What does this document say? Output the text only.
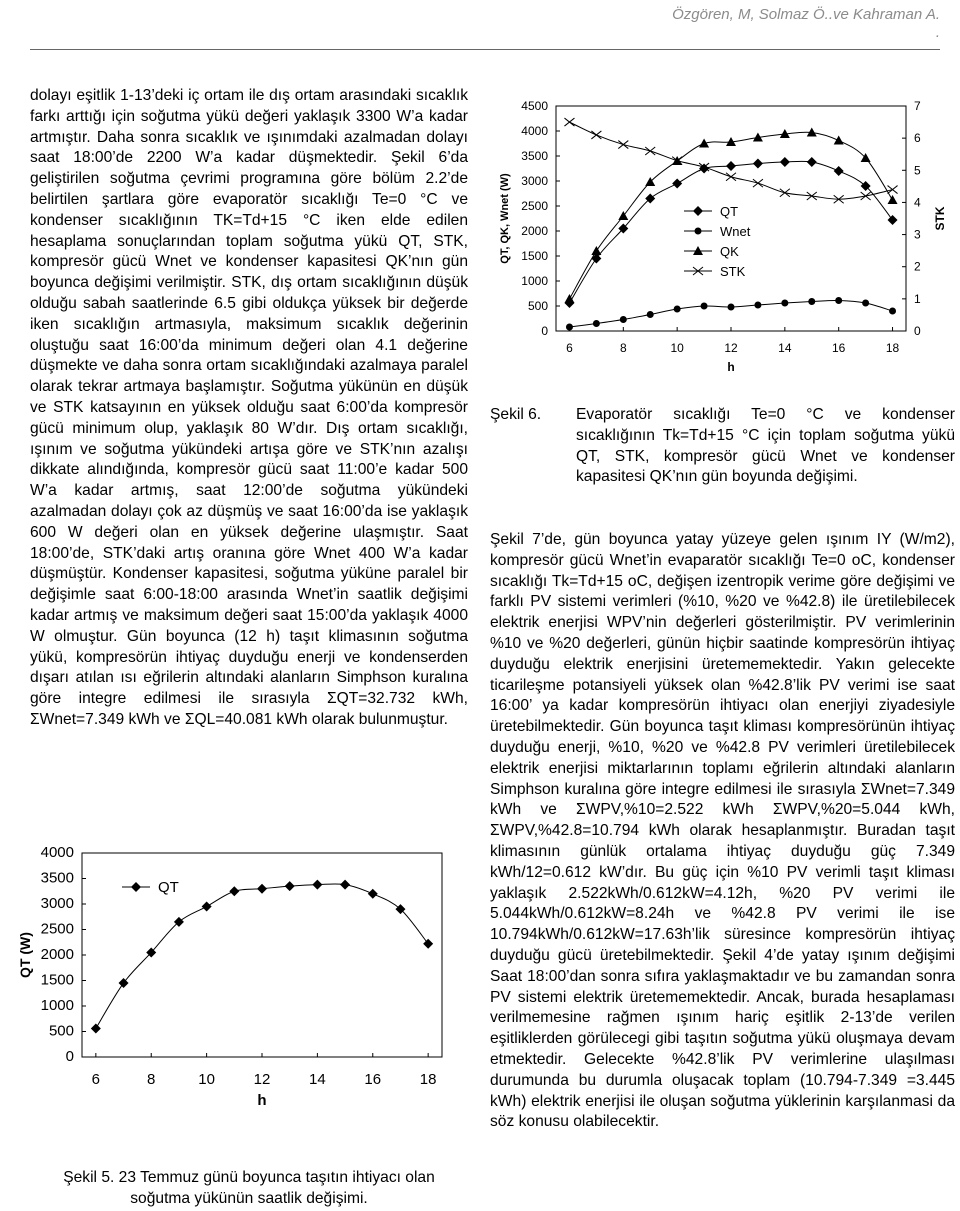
Özgören, M, Solmaz Ö..ve Kahraman A.
.

dolayı eşitlik 1-13’deki iç ortam ile dış ortam arasındaki sıcaklık farkı arttığı için soğutma yükü değeri yaklaşık 3300 W’a kadar artmıştır. Daha sonra sıcaklık ve ışınımdaki azalmadan dolayı saat 18:00’de 2200 W’a kadar düşmektedir. Şekil 6’da geliştirilen soğutma çevrimi programına göre bölüm 2.2’de belirtilen şartlara göre evaporatör sıcaklığı Te=0 °C ve kondenser sıcaklığının TK=Td+15 °C iken elde edilen hesaplama sonuçlarından toplam soğutma yükü QT, STK, kompresör gücü Wnet ve kondenser kapasitesi QK’nın gün boyunca değişimi verilmiştir. STK, dış ortam sıcaklığının düşük olduğu sabah saatlerinde 6.5 gibi oldukça yüksek bir değerde iken sıcaklığın artmasıyla, maksimum sıcaklık değerinin oluştuğu saat 16:00’da minimum değeri olan 4.1 değerine düşmekte ve daha sonra ortam sıcaklığındaki azalmaya paralel olarak tekrar artmaya başlamıştır. Soğutma yükünün en düşük ve STK katsayının en yüksek olduğu saat 6:00’da kompresör gücü minimum olup, yaklaşık 80 W’dır. Dış ortam sıcaklığı, ışınım ve soğutma yükündeki artışa göre ve STK’nın azalışı dikkate alındığında, kompresör gücü saat 11:00’e kadar 500 W’a kadar artmış, saat 12:00’de soğutma yükündeki azalmadan dolayı çok az düşmüş ve saat 16:00’da ise yaklaşık 600 W değeri olan en yüksek değerine ulaşmıştır. Saat 18:00’de, STK’daki artış oranına göre Wnet 400 W’a kadar düşmüştür. Kondenser kapasitesi, soğutma yüküne paralel bir değişimle saat 6:00-18:00 arasında Wnet’in saatlik değişimi kadar artmış ve maksimum değeri saat 15:00’da yaklaşık 4000 W olmuştur. Gün boyunca (12 h) taşıt klimasının soğutma yükü, kompresörün ihtiyaç duyduğu enerji ve kondenserden dışarı atılan ısı eğrilerin altındaki alanların Simphson kuralına göre integre edilmesi ile sırasıyla ΣQT=32.732 kWh, ΣWnet=7.349 kWh ve ΣQL=40.081 kWh olarak bulunmuştur.

0
500
1000
1500
2000
2500
3000
3500
4000
4500
0
1
2
3
4
5
6
7
6	8	10	12	14	16	18
h
QT, QK, Wnet (W)	STK
QT
Wnet
QK
STK
Şekil 6. Evaporatör sıcaklığı Te=0 °C ve kondenser sıcaklığının Tk=Td+15 °C için toplam soğutma yükü QT, STK, kompresör gücü Wnet ve kondenser kapasitesi QK’nın gün boyunda değişimi.

Şekil 7’de, gün boyunca yatay yüzeye gelen ışınım IY (W/m2), kompresör gücü Wnet’in evaparatör sıcaklığı Te=0 oC, kondenser sıcaklığı Tk=Td+15 oC, değişen izentropik verime göre değişimi ve farklı PV sistemi verimleri (%10, %20 ve %42.8) ile üretilebilecek elektrik enerjisi WPV’nin değerleri gösterilmiştir. PV verimlerinin %10 ve %20 değerleri, günün hiçbir saatinde kompresörün ihtiyaç duyduğu elektrik enerjisini üretememektedir. Yakın gelecekte ticarileşme potansiyeli yüksek olan %42.8’lik PV verimi ise saat 16:00’ ya kadar kompresörün ihtiyacı olan enerjiyi ziyadesiyle üretebilmektedir. Gün boyunca taşıt kliması kompresörünün ihtiyaç duyduğu enerji, %10, %20 ve %42.8 PV verimleri üretilebilecek elektrik enerjisi miktarlarının toplamı eğrilerin altındaki alanların Simphson kuralına göre integre edilmesi ile sırasıyla ΣWnet=7.349 kWh ve ΣWPV,%10=2.522 kWh ΣWPV,%20=5.044 kWh, ΣWPV,%42.8=10.794 kWh olarak hesaplanmıştır. Buradan taşıt klimasının günlük ortalama ihtiyaç duyduğu güç 7.349 kWh/12=0.612 kW’dır. Bu güç için %10 PV verimli taşıt kliması yaklaşık 2.522kWh/0.612kW=4.12h, %20 PV verimi ile 5.044kWh/0.612kW=8.24h ve %42.8 PV verimi ile ise 10.794kWh/0.612kW=17.63h’lik süresince kompresörün ihtiyaç duyduğu gücü üretebilmektedir. Şekil 4’de yatay ışınım değişimi Saat 18:00’dan sonra sıfıra yaklaşmaktadır ve bu zamandan sonra PV sistemi elektrik üretememektedir. Ancak, burada hesaplaması verilmemesine rağmen ışınım hariç eşitlik 2-13’de verilen eşitliklerden görülecegi gibi taşıtın soğutma yükü oluşmaya devam etmektedir. Gelecekte %42.8’lik PV verimlerine ulaşılması durumunda bu durumla oluşacak toplam (10.794-7.349 =3.445 kWh) elektrik enerjisi ile oluşan soğutma yüklerinin karşılanmasi da söz konusu olabilecektir.

0
500
1000
1500
2000
2500
3000
3500
4000
6	8	10	12	14	16	18
h
QT (W)
QT
Şekil 5. 23 Temmuz günü boyunca taşıtın ihtiyacı olan
soğutma yükünün saatlik değişimi.
